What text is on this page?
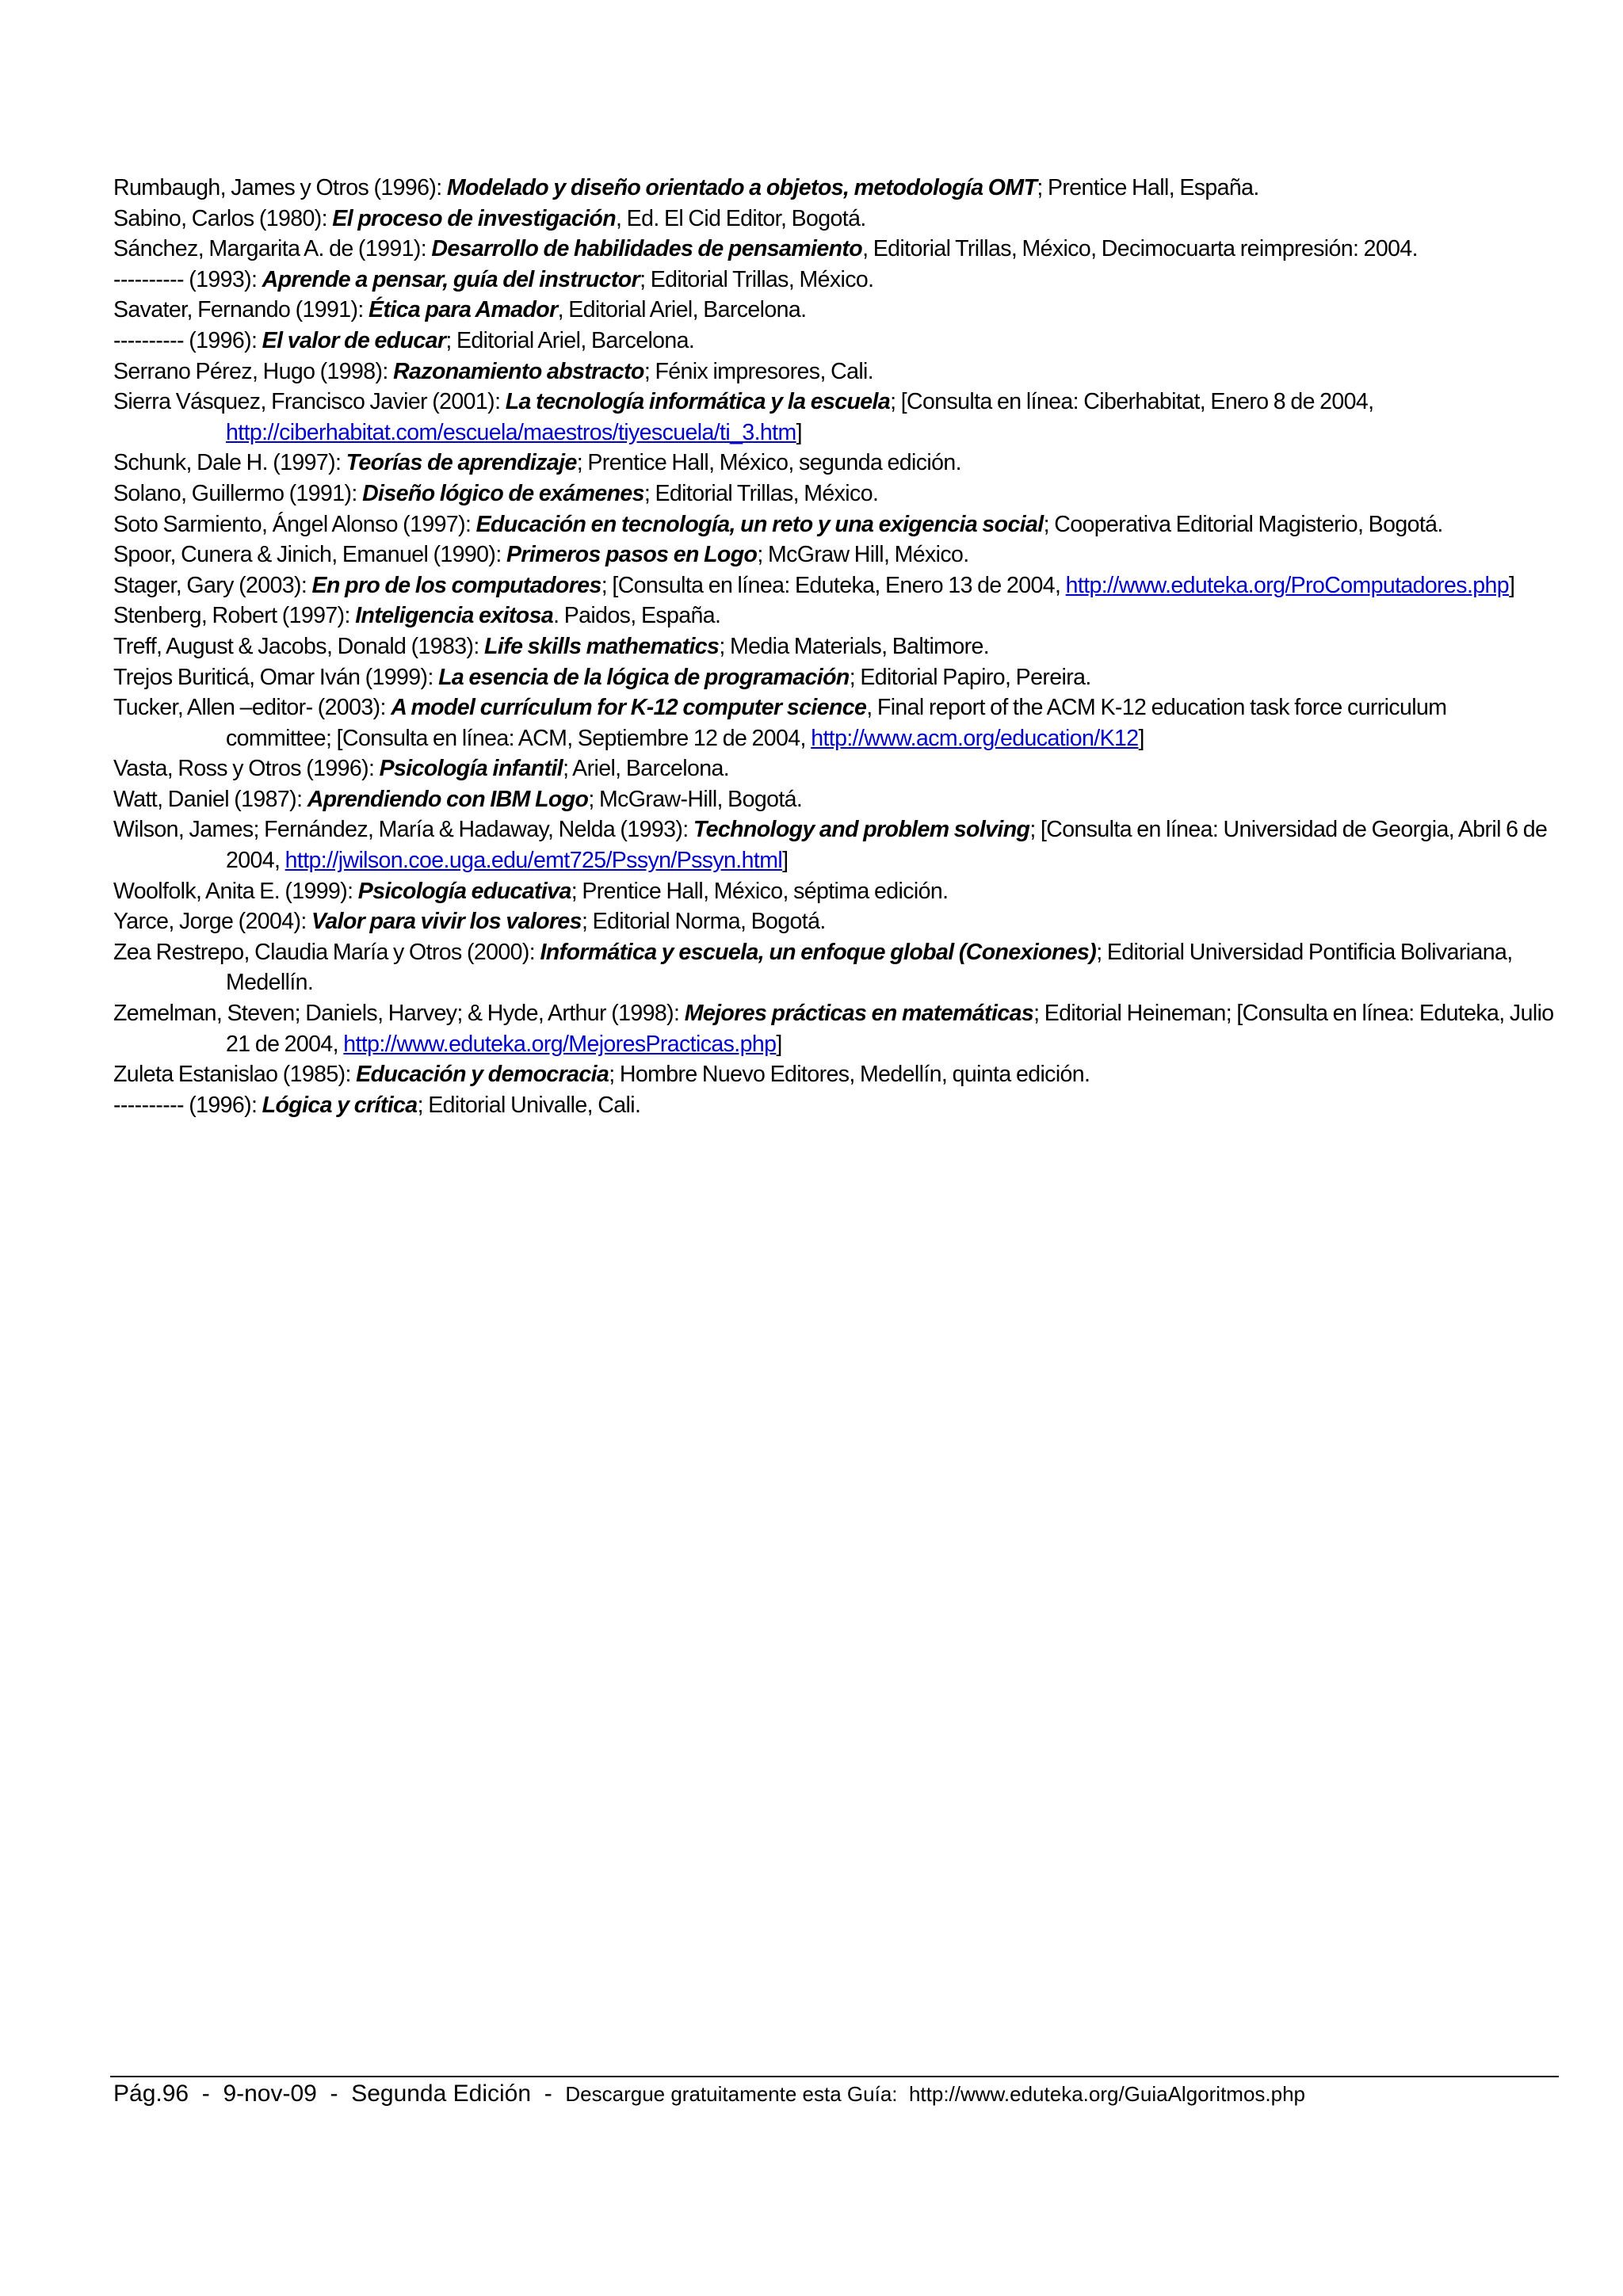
Rumbaugh, James y Otros (1996): Modelado y diseño orientado a objetos, metodología OMT; Prentice Hall, España.
Sabino, Carlos (1980): El proceso de investigación, Ed. El Cid Editor, Bogotá.
Sánchez, Margarita A. de (1991): Desarrollo de habilidades de pensamiento, Editorial Trillas, México, Decimocuarta reimpresión: 2004.
---------- (1993): Aprende a pensar, guía del instructor; Editorial Trillas, México.
Savater, Fernando (1991): Ética para Amador, Editorial Ariel, Barcelona.
---------- (1996): El valor de educar; Editorial Ariel, Barcelona.
Serrano Pérez, Hugo (1998): Razonamiento abstracto; Fénix impresores, Cali.
Sierra Vásquez, Francisco Javier (2001): La tecnología informática y la escuela; [Consulta en línea: Ciberhabitat, Enero 8 de 2004, http://ciberhabitat.com/escuela/maestros/tiyescuela/ti_3.htm]
Schunk, Dale H. (1997): Teorías de aprendizaje; Prentice Hall, México, segunda edición.
Solano, Guillermo (1991): Diseño lógico de exámenes; Editorial Trillas, México.
Soto Sarmiento, Ángel Alonso (1997): Educación en tecnología, un reto y una exigencia social; Cooperativa Editorial Magisterio, Bogotá.
Spoor, Cunera & Jinich, Emanuel (1990): Primeros pasos en Logo; McGraw Hill, México.
Stager, Gary (2003): En pro de los computadores; [Consulta en línea: Eduteka, Enero 13 de 2004, http://www.eduteka.org/ProComputadores.php]
Stenberg, Robert (1997): Inteligencia exitosa. Paidos, España.
Treff, August & Jacobs, Donald (1983): Life skills mathematics; Media Materials, Baltimore.
Trejos Buriticá, Omar Iván (1999): La esencia de la lógica de programación; Editorial Papiro, Pereira.
Tucker, Allen –editor- (2003): A model currículum for K-12 computer science, Final report of the ACM K-12 education task force curriculum committee; [Consulta en línea: ACM, Septiembre 12 de 2004, http://www.acm.org/education/K12]
Vasta, Ross y Otros (1996): Psicología infantil; Ariel, Barcelona.
Watt, Daniel (1987): Aprendiendo con IBM Logo; McGraw-Hill, Bogotá.
Wilson, James; Fernández, María & Hadaway, Nelda (1993): Technology and problem solving; [Consulta en línea: Universidad de Georgia, Abril 6 de 2004, http://jwilson.coe.uga.edu/emt725/Pssyn/Pssyn.html]
Woolfolk, Anita E. (1999): Psicología educativa; Prentice Hall, México, séptima edición.
Yarce, Jorge (2004): Valor para vivir los valores; Editorial Norma, Bogotá.
Zea Restrepo, Claudia María y Otros (2000): Informática y escuela, un enfoque global (Conexiones); Editorial Universidad Pontificia Bolivariana, Medellín.
Zemelman, Steven; Daniels, Harvey; & Hyde, Arthur (1998): Mejores prácticas en matemáticas; Editorial Heineman; [Consulta en línea: Eduteka, Julio 21 de 2004, http://www.eduteka.org/MejoresPracticas.php]
Zuleta Estanislao (1985): Educación y democracia; Hombre Nuevo Editores, Medellín, quinta edición.
---------- (1996): Lógica y crítica; Editorial Univalle, Cali.
Pág.96  -  9-nov-09  -  Segunda Edición  -  Descargue gratuitamente esta Guía: http://www.eduteka.org/GuiaAlgoritmos.php
